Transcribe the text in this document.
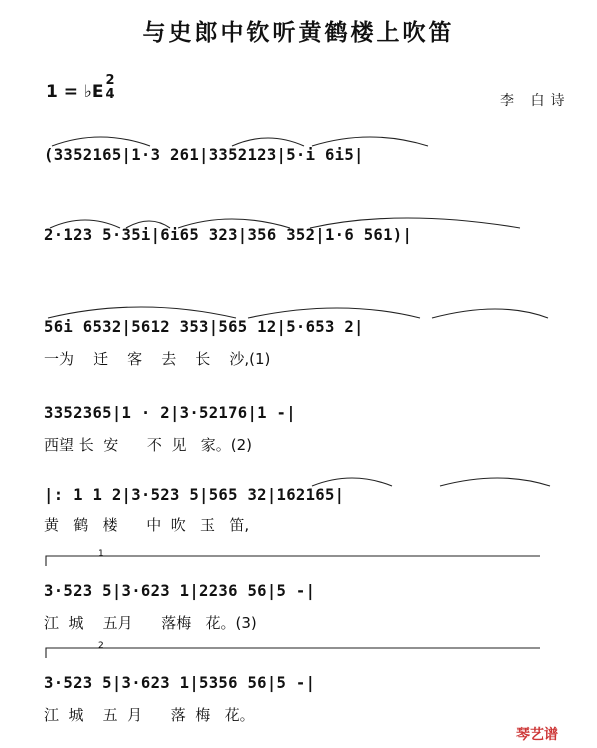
与史郎中钦听黄鹤楼上吹笛
1 = ♭E
2
4	李 白诗
(3352165|1·3 261|3352123|5·i 6i5|
2·123 5·35i|6i65 323|356 352|1·6 561)|
56i 6532|5612 353|565 12|5·653 2|
一为    迁    客    去    长    沙,(1)
3352365|1 · 2|3·52176|1 -|
西望 长  安      不  见   家。(2)
|: 1 1 2|3·523 5|565 32|162165|
黄   鹤   楼      中  吹   玉   笛,
3·523 5|3·623 1|2236 56|5 -|
江  城    五月      落梅   花。(3)
3·523 5|3·623 1|5356 56|5 -|
江  城    五  月      落  梅   花。
1
2
琴艺谱
